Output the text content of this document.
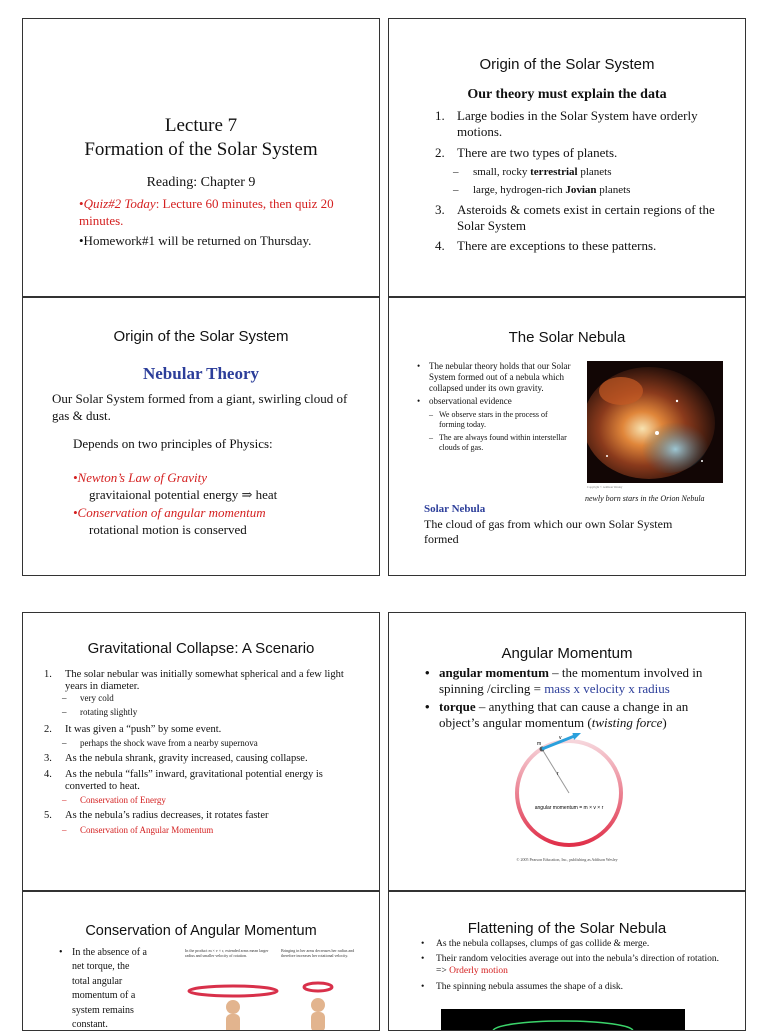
Lecture 7
Formation of the Solar System
Reading: Chapter 9
•Quiz#2 Today: Lecture 60 minutes, then quiz 20 minutes.
•Homework#1 will be returned on Thursday.
Origin of the Solar System
Our theory must explain the data
1. Large bodies in the Solar System have orderly motions.
2. There are two types of planets.
–	small, rocky terrestrial planets
–	large, hydrogen-rich Jovian planets
3. Asteroids & comets exist in certain regions of the Solar System
4. There are exceptions to these patterns.
Origin of the Solar System
Nebular Theory
Our Solar System formed from a giant, swirling cloud of gas & dust.
Depends on two principles of Physics:
•Newton’s Law of Gravity
gravitaional potential energy ⇒ heat
•Conservation of angular momentum
rotational motion is conserved
The Solar Nebula
• The nebular theory holds that our Solar System formed out of a nebula which collapsed under its own gravity.
• observational evidence
– We observe stars in the process of forming today.
– The are always found within interstellar clouds of gas.
Copyright © Addison Wesley
newly born stars in the Orion Nebula
Solar Nebula
The cloud of gas from which our own Solar System formed
Gravitational Collapse: A Scenario
1.	The solar nebular was initially somewhat spherical and a few light years in diameter.
–	very cold
–	rotating slightly
2.	It was given a “push” by some event.
–	perhaps the shock wave from a nearby supernova
3.	As the nebula shrank, gravity increased, causing collapse.
4.	As the nebula “falls” inward, gravitational potential energy is converted to heat.
–	Conservation of Energy
5.	As the nebula’s radius decreases, it rotates faster
–	Conservation of Angular Momentum
Angular Momentum
• angular momentum – the momentum involved in spinning /circling = mass x velocity x radius
• torque – anything that can cause a change in an object’s angular momentum (twisting force)
m
v
r
angular momentum = m × v × r
© 2005 Pearson Education, Inc., publishing as Addison Wesley
Conservation of Angular Momentum
• In the absence of a net torque, the total angular momentum of a system remains constant.
In the product m × v × r, extended arms mean larger radius and smaller velocity of rotation.
Bringing in her arms decreases her radius and therefore increases her rotational velocity.
Flattening of the Solar Nebula
•	As the nebula collapses, clumps of gas collide & merge.
•	Their random velocities average out into the nebula’s direction of rotation. => Orderly motion
•	The spinning nebula assumes the shape of a disk.
